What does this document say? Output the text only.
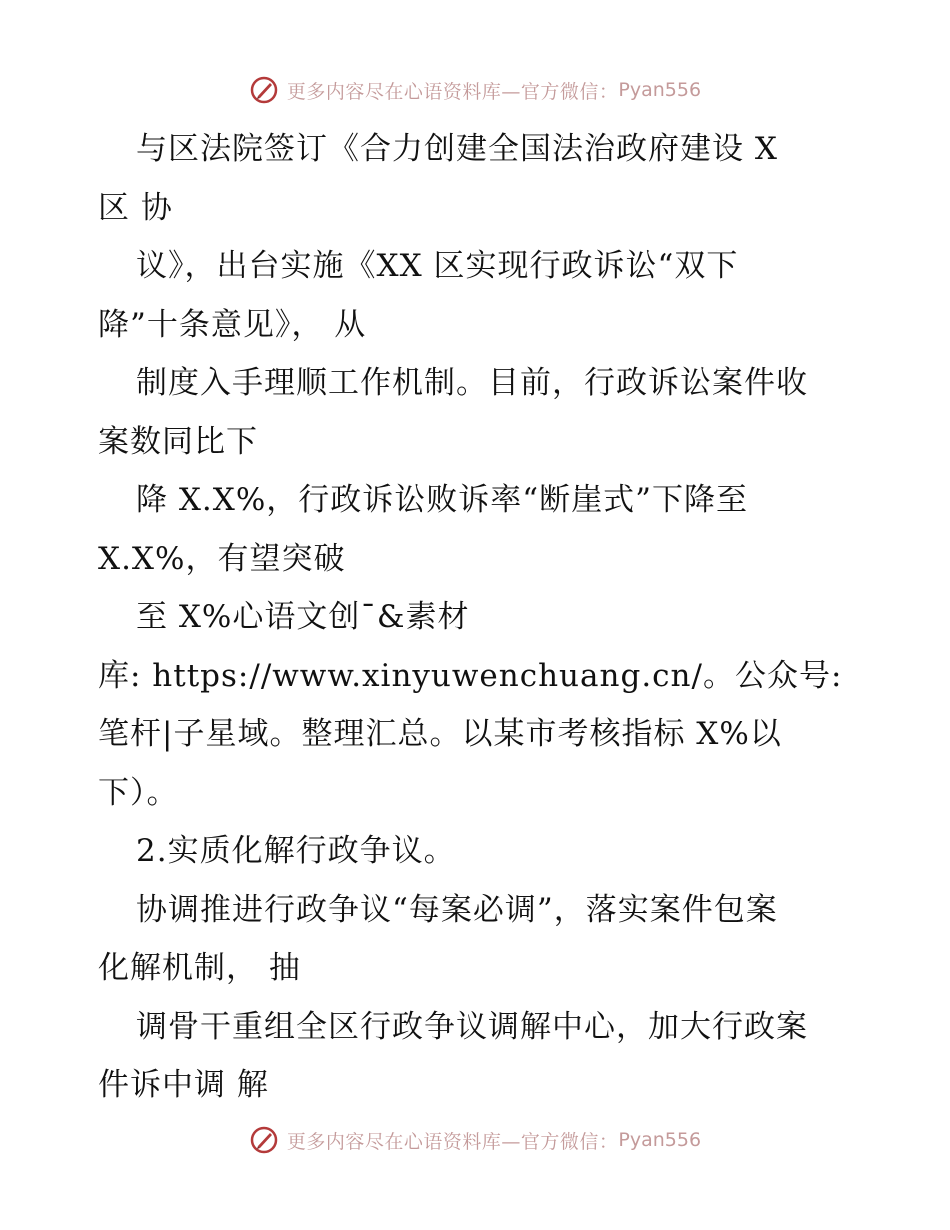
更多内容尽在心语资料库—官方微信： Pyan556
与区法院签订《合力创建全国法治政府建设 X
区 协
议》，出台实施《XX 区实现行政诉讼“双下
降”十条意见》， 从
制度入手理顺工作机制。目前，行政诉讼案件收
案数同比下
降 X.X%，行政诉讼败诉率“断崖式”下降至
X.X%，有望突破
至 X%心语文创¯&素材
库: https://www.xinyuwenchuang.cn/。公众号:
笔杆|子星域。整理汇总。以某市考核指标 X%以
下）。
2.实质化解行政争议。
协调推进行政争议“每案必调”，落实案件包案
化解机制， 抽
调骨干重组全区行政争议调解中心，加大行政案
件诉中调 解
更多内容尽在心语资料库—官方微信： Pyan556
